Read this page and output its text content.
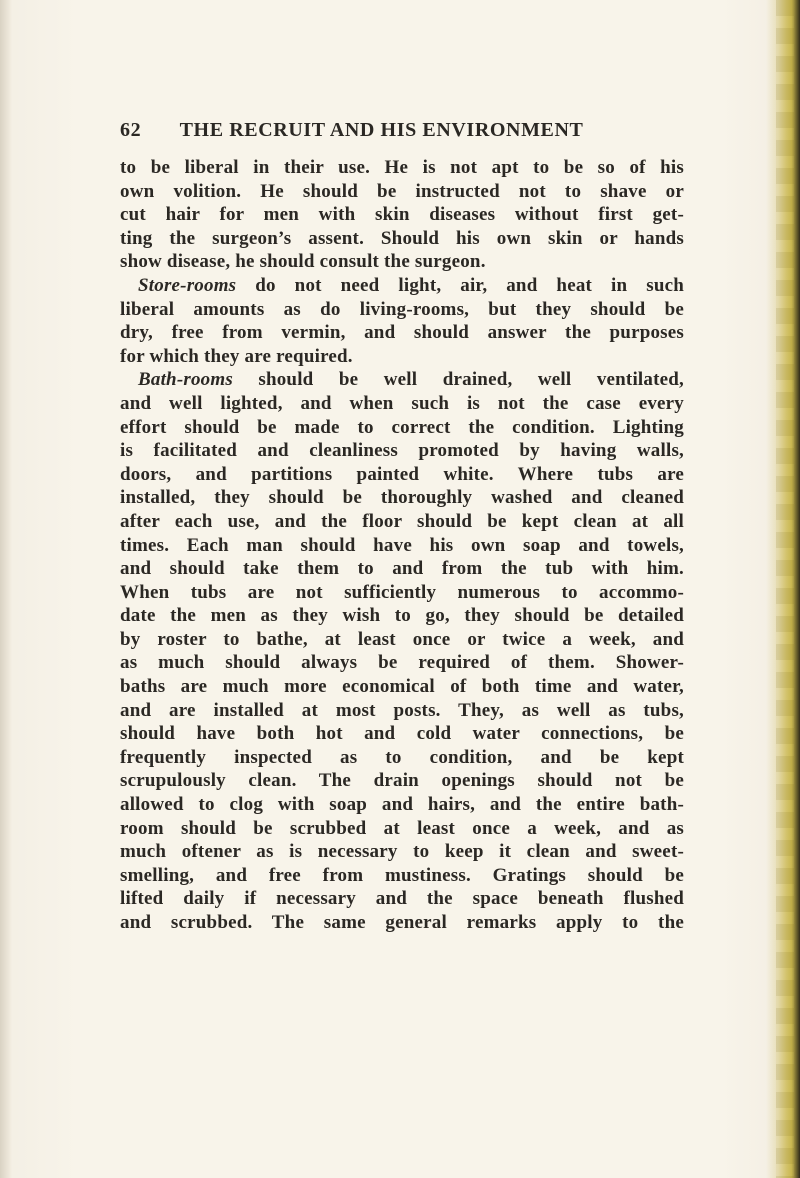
62 THE RECRUIT AND HIS ENVIRONMENT
to be liberal in their use. He is not apt to be so of his
own volition. He should be instructed not to shave or
cut hair for men with skin diseases without first get-
ting the surgeon’s assent. Should his own skin or hands
show disease, he should consult the surgeon.
Store-rooms do not need light, air, and heat in such
liberal amounts as do living-rooms, but they should be
dry, free from vermin, and should answer the purposes
for which they are required.
Bath-rooms should be well drained, well ventilated,
and well lighted, and when such is not the case every
effort should be made to correct the condition. Lighting
is facilitated and cleanliness promoted by having walls,
doors, and partitions painted white. Where tubs are
installed, they should be thoroughly washed and cleaned
after each use, and the floor should be kept clean at all
times. Each man should have his own soap and towels,
and should take them to and from the tub with him.
When tubs are not sufficiently numerous to accommo-
date the men as they wish to go, they should be detailed
by roster to bathe, at least once or twice a week, and
as much should always be required of them. Shower-
baths are much more economical of both time and water,
and are installed at most posts. They, as well as tubs,
should have both hot and cold water connections, be
frequently inspected as to condition, and be kept
scrupulously clean. The drain openings should not be
allowed to clog with soap and hairs, and the entire bath-
room should be scrubbed at least once a week, and as
much oftener as is necessary to keep it clean and sweet-
smelling, and free from mustiness. Gratings should be
lifted daily if necessary and the space beneath flushed
and scrubbed. The same general remarks apply to the
